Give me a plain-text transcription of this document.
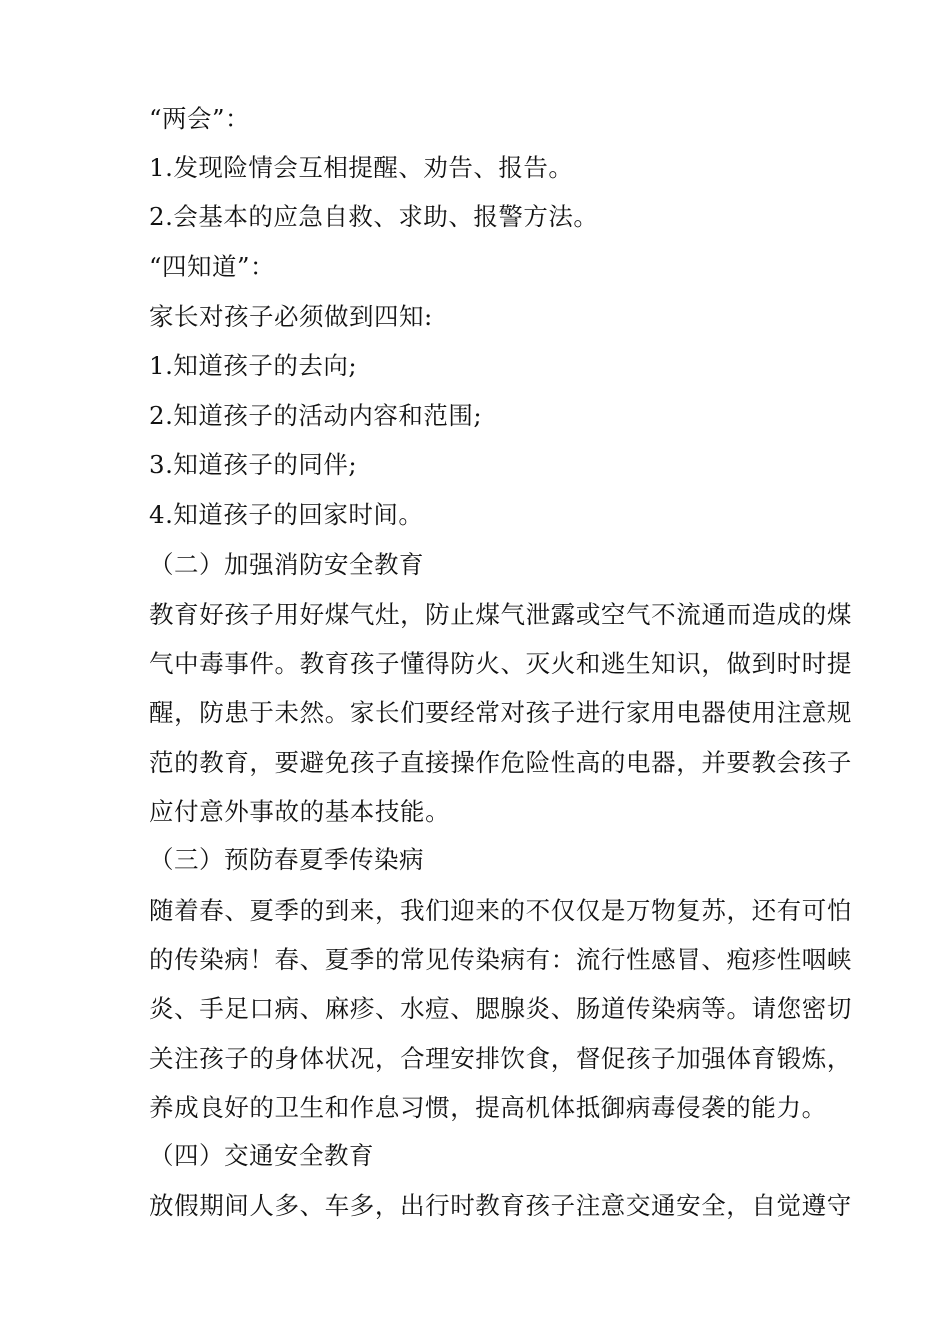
“两会”：
1.发现险情会互相提醒、劝告、报告。
2.会基本的应急自救、求助、报警方法。
“四知道”：
家长对孩子必须做到四知:
1.知道孩子的去向;
2.知道孩子的活动内容和范围;
3.知道孩子的同伴;
4.知道孩子的回家时间。
（二）加强消防安全教育
教育好孩子用好煤气灶，防止煤气泄露或空气不流通而造成的煤气中毒事件。教育孩子懂得防火、灭火和逃生知识，做到时时提醒，防患于未然。家长们要经常对孩子进行家用电器使用注意规范的教育，要避免孩子直接操作危险性高的电器，并要教会孩子应付意外事故的基本技能。
（三）预防春夏季传染病
随着春、夏季的到来，我们迎来的不仅仅是万物复苏，还有可怕的传染病！春、夏季的常见传染病有：流行性感冒、疱疹性咽峡炎、手足口病、麻疹、水痘、腮腺炎、肠道传染病等。请您密切关注孩子的身体状况，合理安排饮食，督促孩子加强体育锻炼，养成良好的卫生和作息习惯，提高机体抵御病毒侵袭的能力。
（四）交通安全教育
放假期间人多、车多，出行时教育孩子注意交通安全，自觉遵守
